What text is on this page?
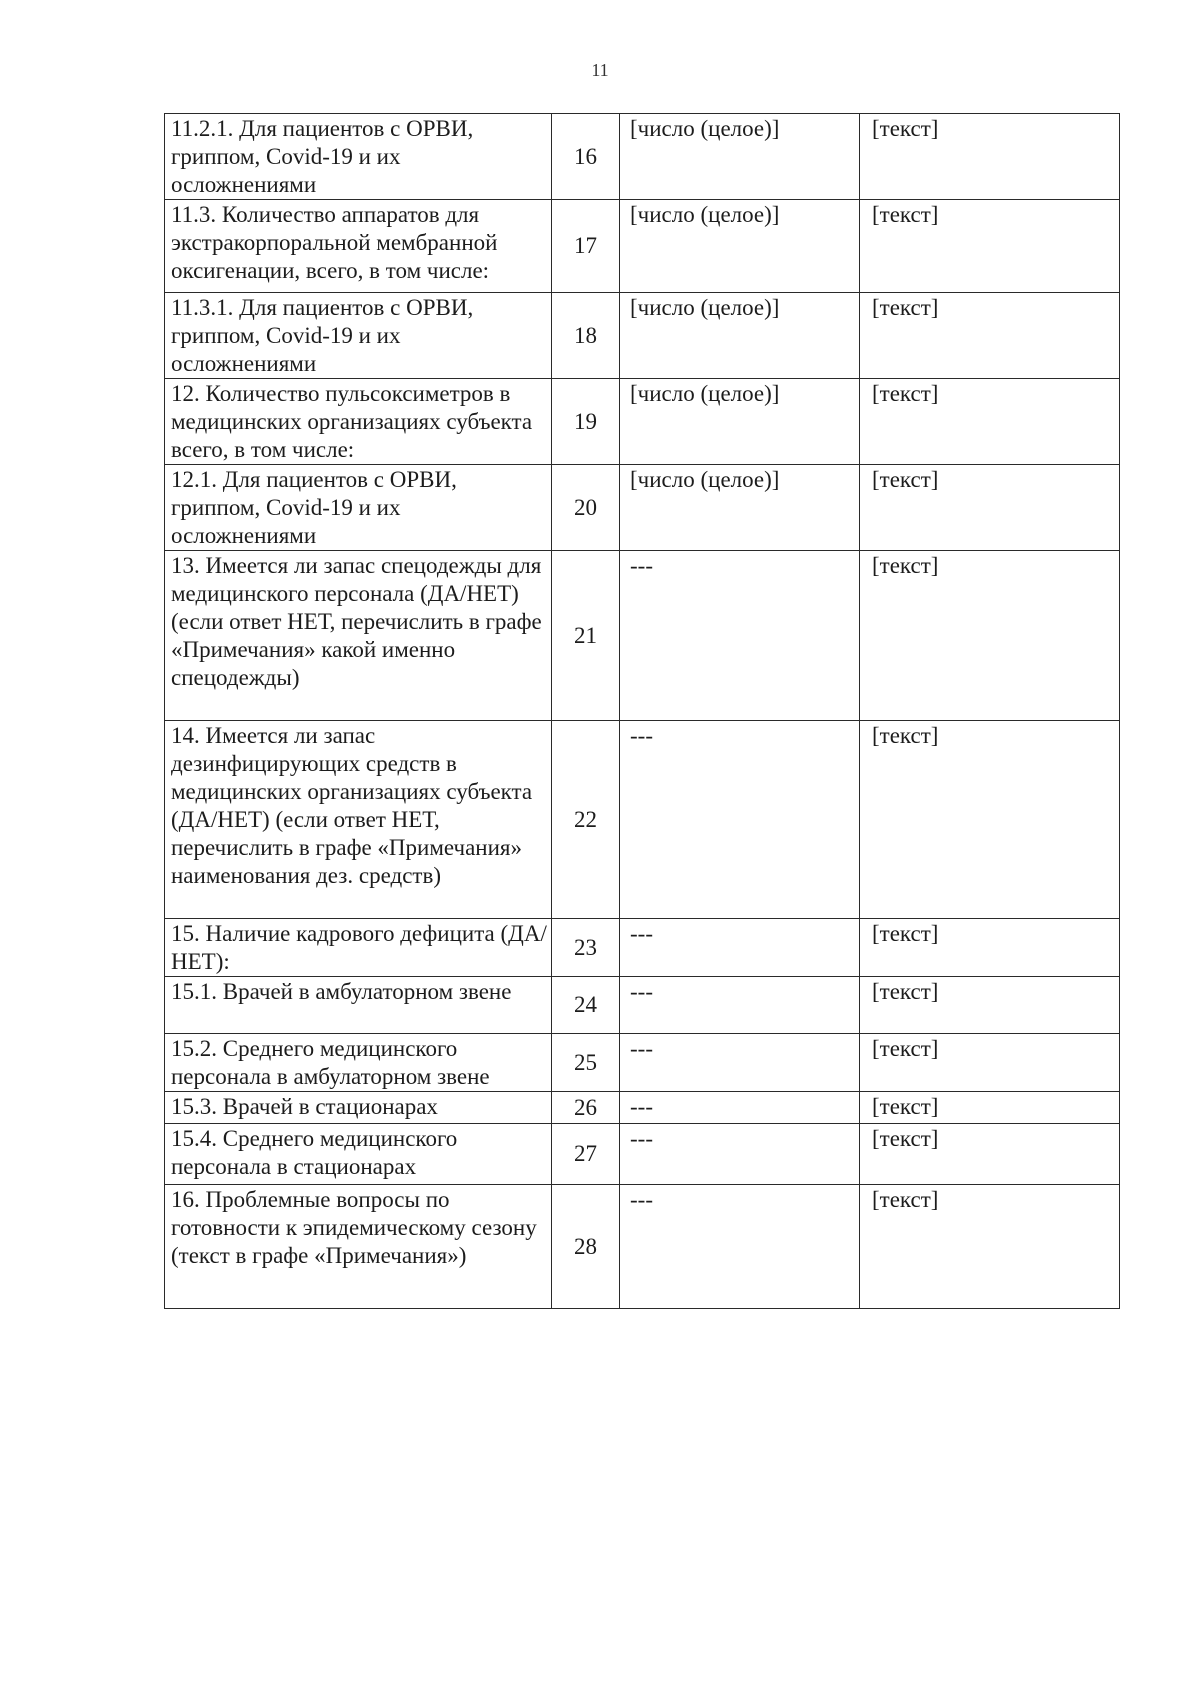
11
11.2.1. Для пациентов с ОРВИ, гриппом, Covid-19 и их осложнениями	16	[число (целое)]	[текст]
11.3. Количество аппаратов для экстракорпоральной мембранной оксигенации, всего, в том числе:	17	[число (целое)]	[текст]
11.3.1. Для пациентов с ОРВИ, гриппом, Covid-19 и их осложнениями	18	[число (целое)]	[текст]
12. Количество пульсоксиметров в медицинских организациях субъекта всего, в том числе:	19	[число (целое)]	[текст]
12.1. Для пациентов с ОРВИ, гриппом, Covid-19 и их осложнениями	20	[число (целое)]	[текст]
13. Имеется ли запас спецодежды для медицинского персонала (ДА/НЕТ) (если ответ НЕТ, перечислить в графе «Примечания» какой именно спецодежды)	21	---	[текст]
14. Имеется ли запас дезинфицирующих средств в медицинских организациях субъекта (ДА/НЕТ) (если ответ НЕТ, перечислить в графе «Примечания» наименования дез. средств)	22	---	[текст]
15. Наличие кадрового дефицита (ДА/НЕТ):	23	---	[текст]
15.1. Врачей в амбулаторном звене	24	---	[текст]
15.2. Среднего медицинского персонала в амбулаторном звене	25	---	[текст]
15.3. Врачей в стационарах	26	---	[текст]
15.4. Среднего медицинского персонала в стационарах	27	---	[текст]
16. Проблемные вопросы по готовности к эпидемическому сезону (текст в графе «Примечания»)	28	---	[текст]
